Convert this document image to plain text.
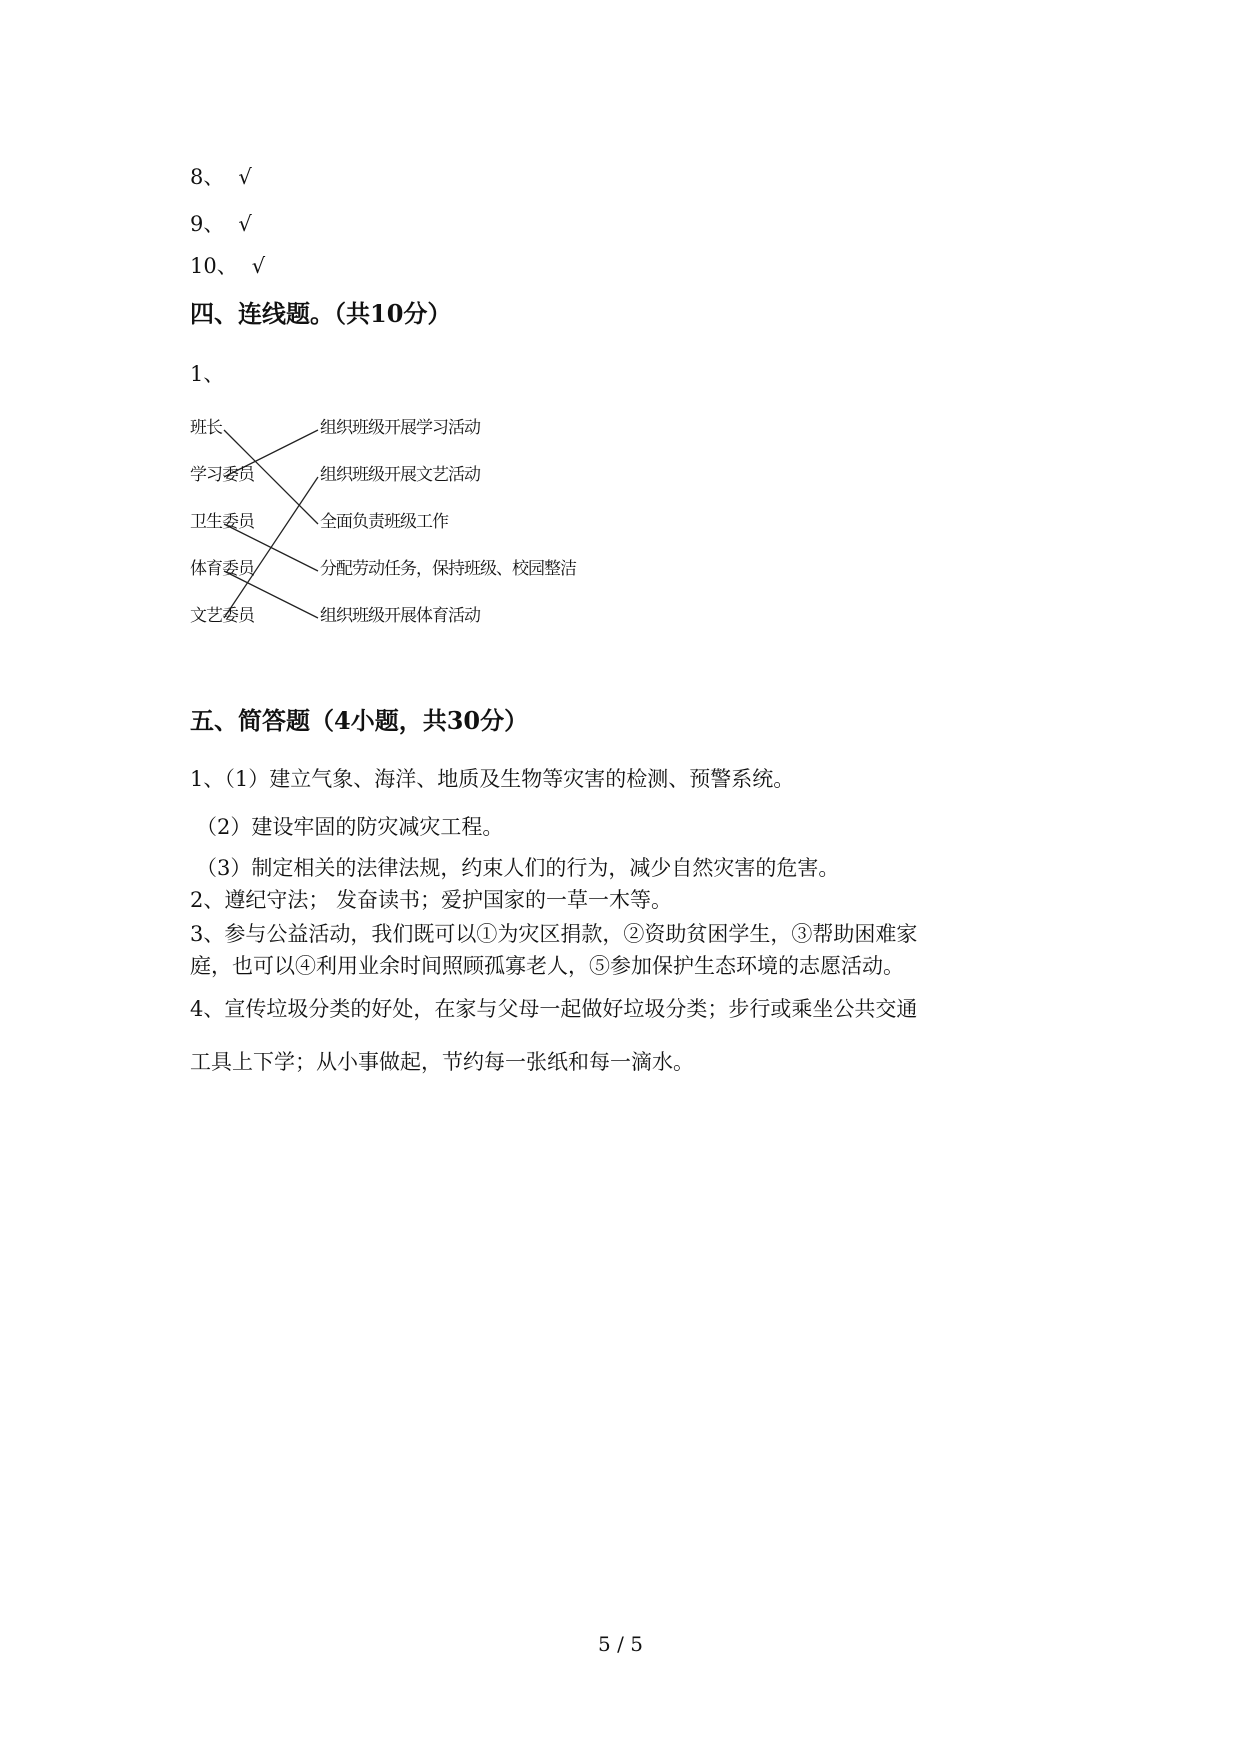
8、 √
9、 √
10、 √
四、连线题。（共10分）
1、
班长
学习委员
卫生委员
体育委员
文艺委员
组织班级开展学习活动
组织班级开展文艺活动
全面负责班级工作
分配劳动任务，保持班级、校园整洁
组织班级开展体育活动
五、简答题（4小题，共30分）
1、（1）建立气象、海洋、地质及生物等灾害的检测、预警系统。
（2）建设牢固的防灾减灾工程。
（3）制定相关的法律法规，约束人们的行为，减少自然灾害的危害。
2、遵纪守法； 发奋读书；爱护国家的一草一木等。
3、参与公益活动，我们既可以①为灾区捐款，②资助贫困学生，③帮助困难家
庭，也可以④利用业余时间照顾孤寡老人，⑤参加保护生态环境的志愿活动。
4、宣传垃圾分类的好处，在家与父母一起做好垃圾分类；步行或乘坐公共交通
工具上下学；从小事做起，节约每一张纸和每一滴水。
5 / 5
